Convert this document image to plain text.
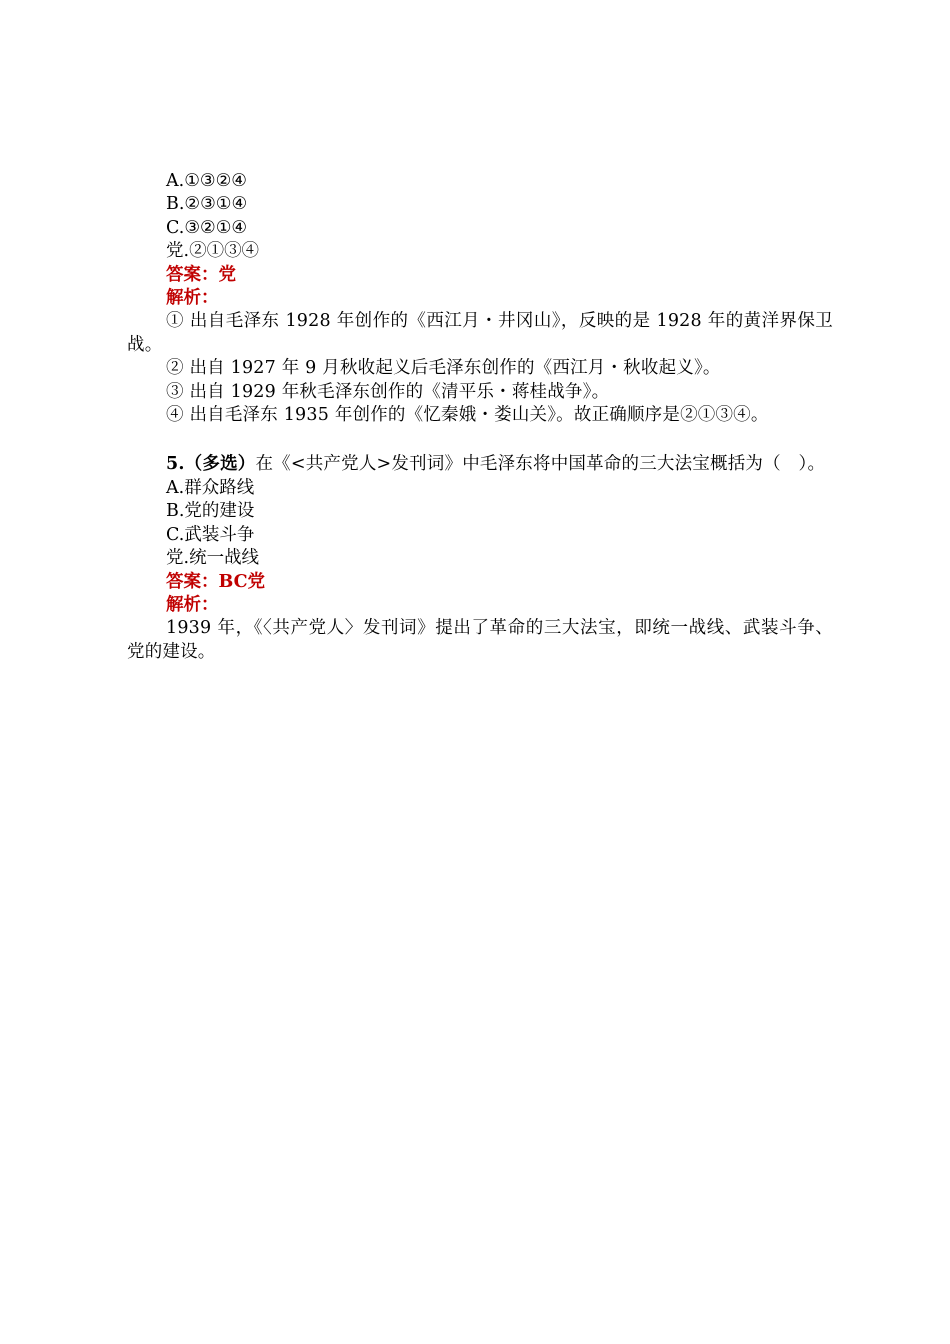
A.①③②④
B.②③①④
C.③②①④
党.②①③④
答案：党
解析：
① 出自毛泽东 1928 年创作的《西江月・井冈山》，反映的是 1928 年的黄洋界保卫战。
② 出自 1927 年 9 月秋收起义后毛泽东创作的《西江月・秋收起义》。
③ 出自 1929 年秋毛泽东创作的《清平乐・蒋桂战争》。
④ 出自毛泽东 1935 年创作的《忆秦娥・娄山关》。故正确顺序是②①③④。
5.（多选）在《<共产党人>发刊词》中毛泽东将中国革命的三大法宝概括为（　）。
A.群众路线
B.党的建设
C.武装斗争
党.统一战线
答案：BC党
解析：
1939 年，《〈共产党人〉发刊词》提出了革命的三大法宝，即统一战线、武装斗争、党的建设。
